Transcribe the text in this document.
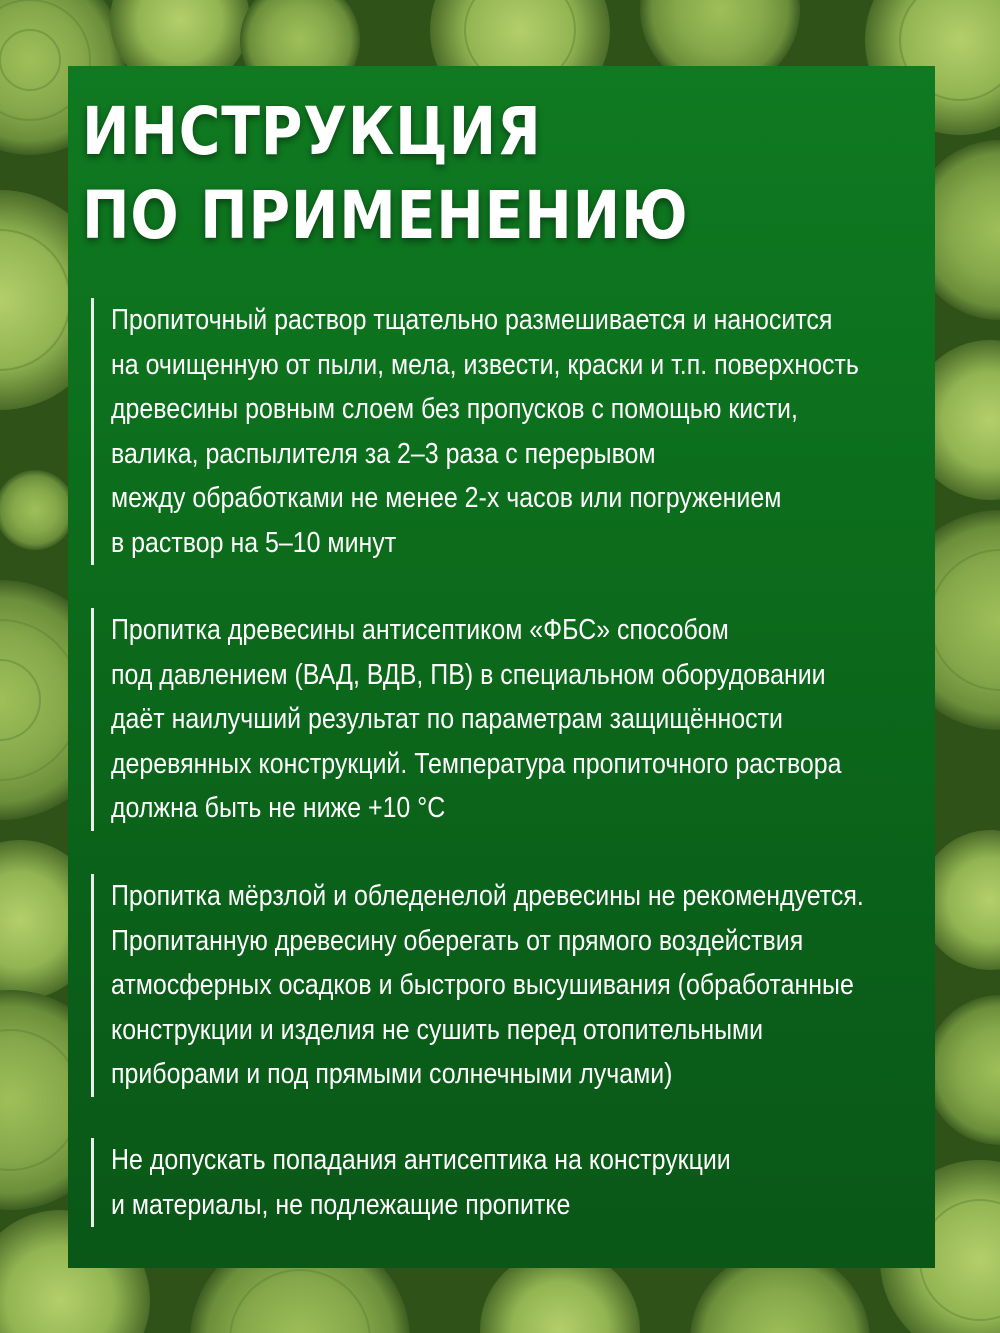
ИНСТРУКЦИЯ
ПО ПРИМЕНЕНИЮ
Пропиточный раствор тщательно размешивается и наносится
на очищенную от пыли, мела, извести, краски и т.п. поверхность
древесины ровным слоем без пропусков с помощью кисти,
валика, распылителя за 2–3 раза с перерывом
между обработками не менее 2-х часов или погружением
в раствор на 5–10 минут
Пропитка древесины антисептиком «ФБС» способом
под давлением (ВАД, ВДВ, ПВ) в специальном оборудовании
даёт наилучший результат по параметрам защищённости
деревянных конструкций. Температура пропиточного раствора
должна быть не ниже +10 °С
Пропитка мёрзлой и обледенелой древесины не рекомендуется.
Пропитанную древесину оберегать от прямого воздействия
атмосферных осадков и быстрого высушивания (обработанные
конструкции и изделия не сушить перед отопительными
приборами и под прямыми солнечными лучами)
Не допускать попадания антисептика на конструкции
и материалы, не подлежащие пропитке
